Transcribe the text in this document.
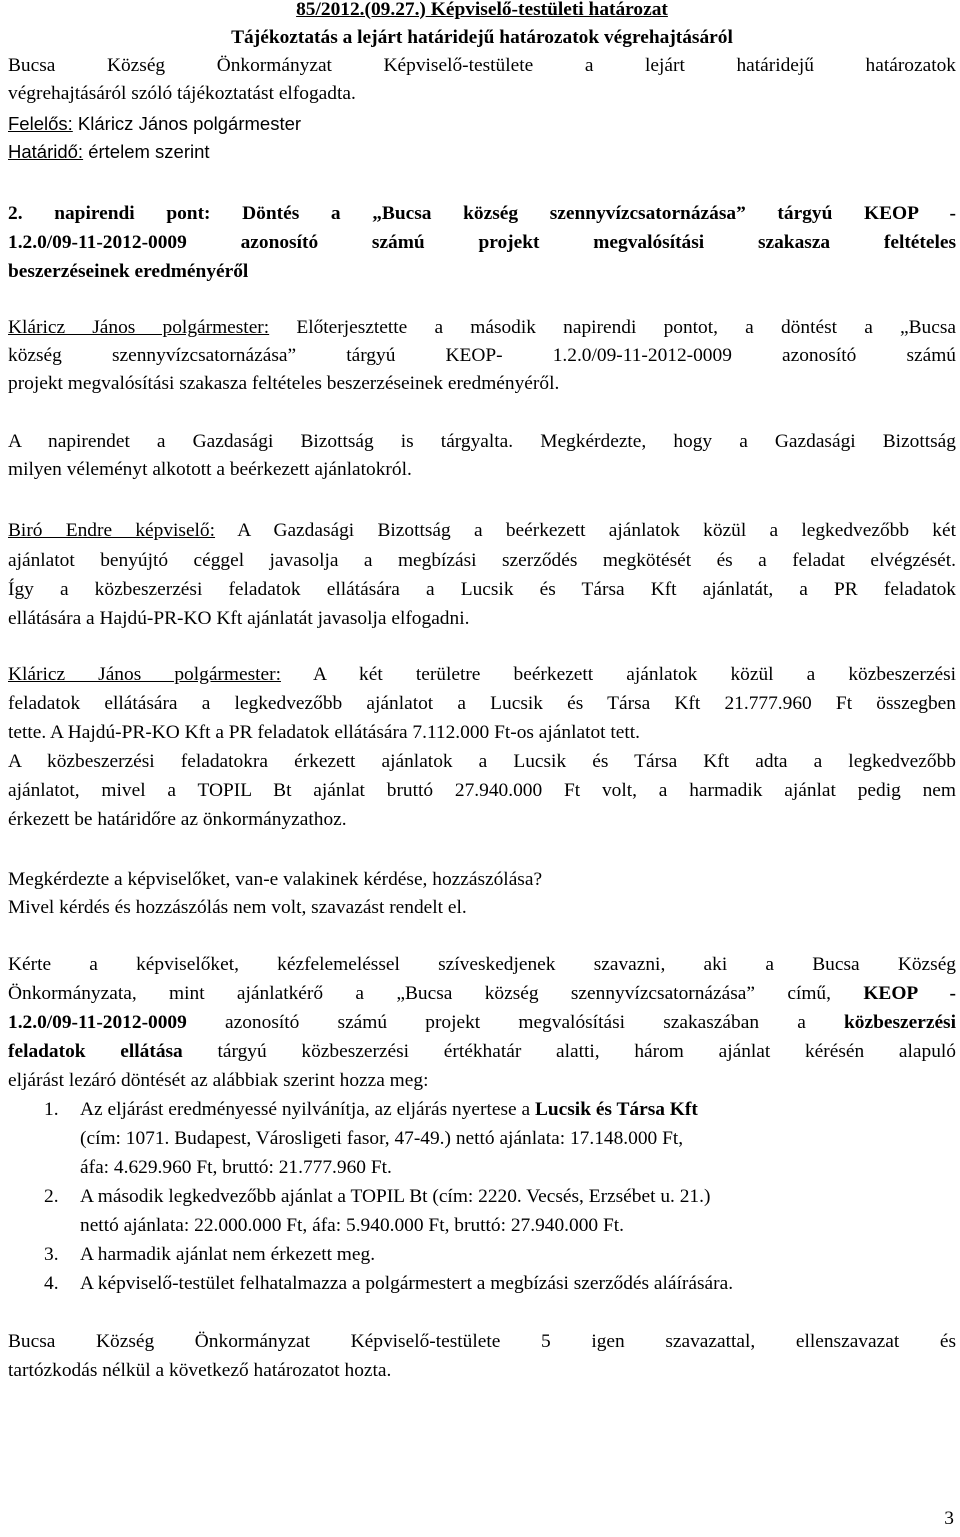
85/2012.(09.27.) Képviselő-testületi határozat
Tájékoztatás a lejárt határidejű határozatok végrehajtásáról
Bucsa Község Önkormányzat Képviselő-testülete a lejárt határidejű határozatok
végrehajtásáról szóló tájékoztatást elfogadta.
Felelős: Kláricz János polgármester
Határidő: értelem szerint
2. napirendi pont: Döntés a „Bucsa község szennyvízcsatornázása” tárgyú KEOP -
1.2.0/09-11-2012-0009 azonosító számú projekt megvalósítási szakasza feltételes
beszerzéseinek eredményéről
Kláricz János polgármester: Előterjesztette a második napirendi pontot, a döntést a „Bucsa
község szennyvízcsatornázása” tárgyú KEOP- 1.2.0/09-11-2012-0009 azonosító számú
projekt megvalósítási szakasza feltételes beszerzéseinek eredményéről.
A napirendet a Gazdasági Bizottság is tárgyalta. Megkérdezte, hogy a Gazdasági Bizottság
milyen véleményt alkotott a beérkezett ajánlatokról.
Biró Endre képviselő: A Gazdasági Bizottság a beérkezett ajánlatok közül a legkedvezőbb két
ajánlatot benyújtó céggel javasolja a megbízási szerződés megkötését és a feladat elvégzését.
Így a közbeszerzési feladatok ellátására a Lucsik és Társa Kft ajánlatát, a PR feladatok
ellátására a Hajdú-PR-KO Kft ajánlatát javasolja elfogadni.
Kláricz János polgármester: A két területre beérkezett ajánlatok közül a közbeszerzési
feladatok ellátására a legkedvezőbb ajánlatot a Lucsik és Társa Kft 21.777.960 Ft összegben
tette. A Hajdú-PR-KO Kft a PR feladatok ellátására 7.112.000 Ft-os ajánlatot tett.
A közbeszerzési feladatokra érkezett ajánlatok a Lucsik és Társa Kft adta a legkedvezőbb
ajánlatot, mivel a TOPIL Bt ajánlat bruttó 27.940.000 Ft volt, a harmadik ajánlat pedig nem
érkezett be határidőre az önkormányzathoz.
Megkérdezte a képviselőket, van-e valakinek kérdése, hozzászólása?
Mivel kérdés és hozzászólás nem volt, szavazást rendelt el.
Kérte a képviselőket, kézfelemeléssel szíveskedjenek szavazni, aki a Bucsa Község
Önkormányzata, mint ajánlatkérő a „Bucsa község szennyvízcsatornázása” című, KEOP -
1.2.0/09-11-2012-0009 azonosító számú projekt megvalósítási szakaszában a közbeszerzési
feladatok ellátása tárgyú közbeszerzési értékhatár alatti, három ajánlat kérésén alapuló
eljárást lezáró döntését az alábbiak szerint hozza meg:
1. Az eljárást eredményessé nyilvánítja, az eljárás nyertese a Lucsik és Társa Kft
(cím: 1071. Budapest, Városligeti fasor, 47-49.) nettó ajánlata: 17.148.000 Ft,
áfa: 4.629.960 Ft, bruttó: 21.777.960 Ft.
2. A második legkedvezőbb ajánlat a TOPIL Bt (cím: 2220. Vecsés, Erzsébet u. 21.)
nettó ajánlata: 22.000.000 Ft, áfa: 5.940.000 Ft, bruttó: 27.940.000 Ft.
3. A harmadik ajánlat nem érkezett meg.
4. A képviselő-testület felhatalmazza a polgármestert a megbízási szerződés aláírására.
Bucsa Község Önkormányzat Képviselő-testülete 5 igen szavazattal, ellenszavazat és
tartózkodás nélkül a következő határozatot hozta.
3
